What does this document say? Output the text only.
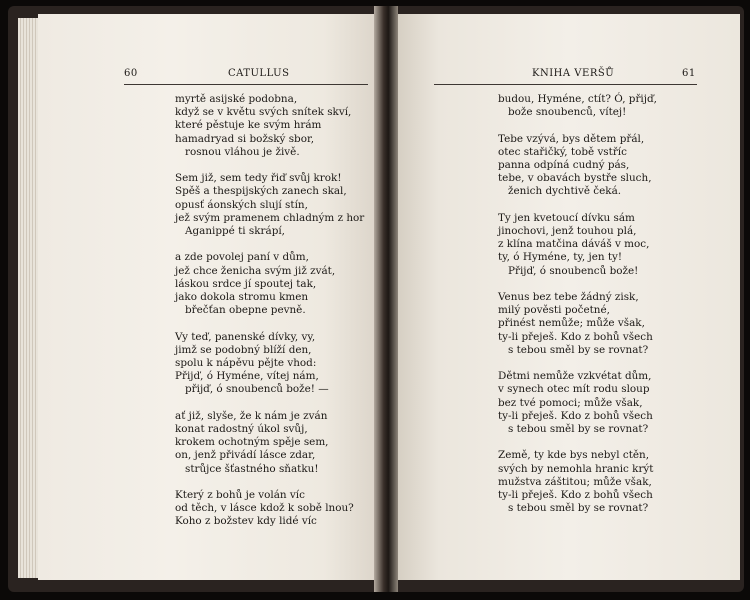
60	CATULLUS
myrtě asijské podobna,
když se v květu svých snítek skví,
které pěstuje ke svým hrám
hamadryad si božský sbor,
rosnou vláhou je živě.
Sem již, sem tedy řiď svůj krok!
Spěš a thespijských zanech skal,
opusť áonských slují stín,
jež svým pramenem chladným z hor
Aganippé ti skrápí,
a zde povolej paní v dům,
jež chce ženicha svým již zvát,
láskou srdce jí spoutej tak,
jako dokola stromu kmen
břečťan obepne pevně.
Vy teď, panenské dívky, vy,
jimž se podobný blíží den,
spolu k nápěvu pějte vhod:
Přijď, ó Hyméne, vítej nám,
přijď, ó snoubenců bože! —
ať již, slyše, že k nám je zván
konat radostný úkol svůj,
krokem ochotným spěje sem,
on, jenž přivádí lásce zdar,
strůjce šťastného sňatku!
Který z bohů je volán víc
od těch, v lásce kdož k sobě lnou?
Koho z božstev kdy lidé víc
KNIHA VERŠŮ	61
budou, Hyméne, ctít? Ó, přijď,
bože snoubenců, vítej!
Tebe vzývá, bys dětem přál,
otec stařičký, tobě vstříc
panna odpíná cudný pás,
tebe, v obavách bystře sluch,
ženich dychtivě čeká.
Ty jen kvetoucí dívku sám
jinochovi, jenž touhou plá,
z klína matčina dáváš v moc,
ty, ó Hyméne, ty, jen ty!
Přijď, ó snoubenců bože!
Venus bez tebe žádný zisk,
milý pověsti početné,
přinést nemůže; může však,
ty-li přeješ. Kdo z bohů všech
s tebou směl by se rovnat?
Dětmi nemůže vzkvétat dům,
v synech otec mít rodu sloup
bez tvé pomoci; může však,
ty-li přeješ. Kdo z bohů všech
s tebou směl by se rovnat?
Země, ty kde bys nebyl ctěn,
svých by nemohla hranic krýt
mužstva záštitou; může však,
ty-li přeješ. Kdo z bohů všech
s tebou směl by se rovnat?
